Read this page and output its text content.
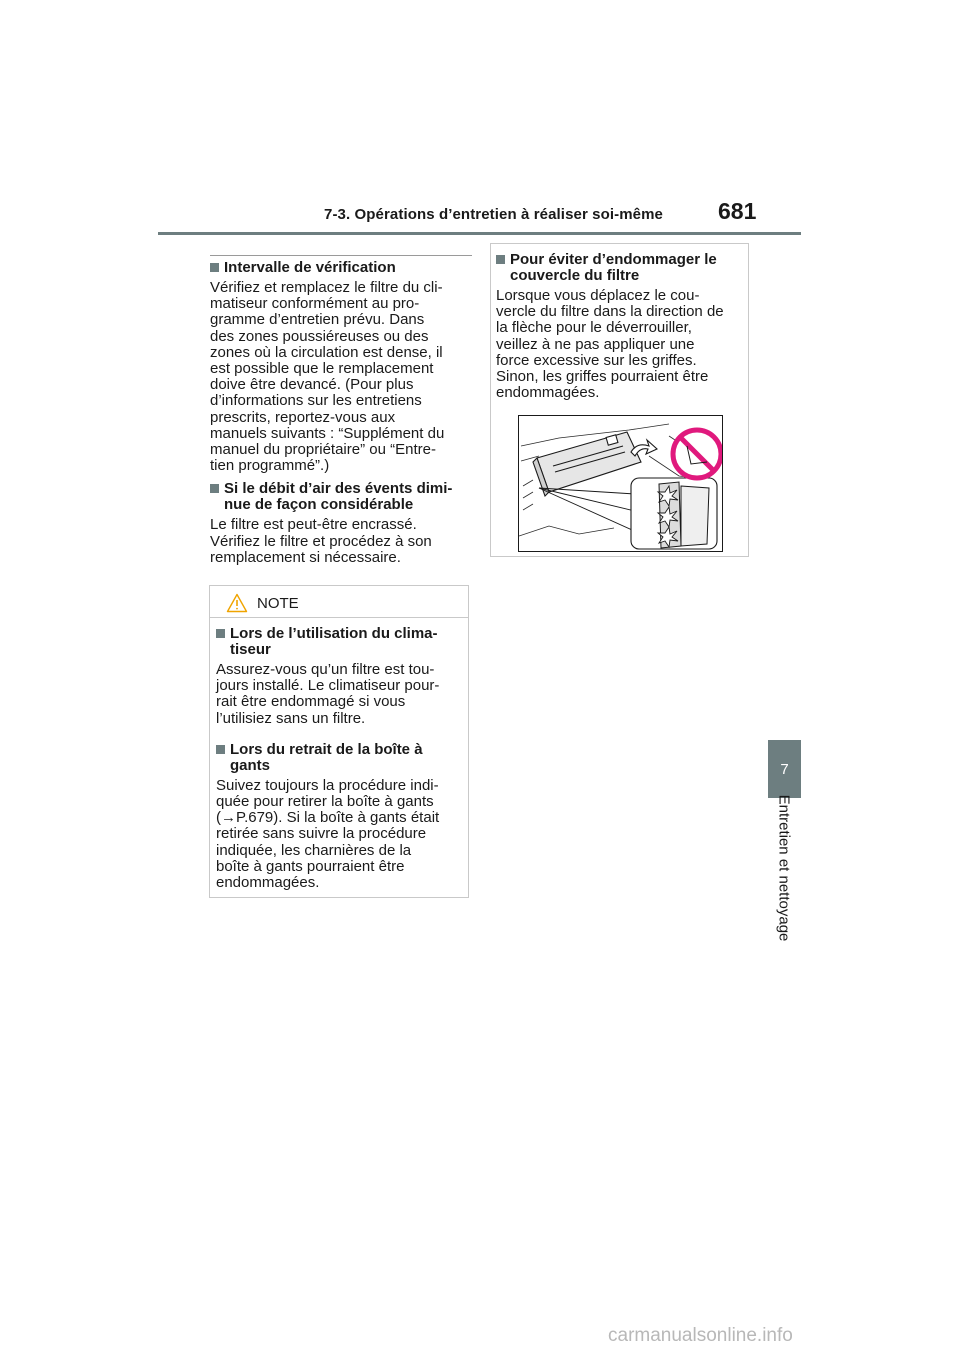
7-3. Opérations d’entretien à réaliser soi-même 681
7
Entretien et nettoyage

Intervalle de vérification

Vérifiez et remplacez le filtre du cli-
matiseur conformément au pro-
gramme d’entretien prévu. Dans
des zones poussiéreuses ou des
zones où la circulation est dense, il
est possible que le remplacement
doive être devancé. (Pour plus
d’informations sur les entretiens
prescrits, reportez-vous aux
manuels suivants : “Supplément du
manuel du propriétaire” ou “Entre-
tien programmé”.)

Si le débit d’air des évents dimi-nue de façon considérable

Le filtre est peut-être encrassé.
Vérifiez le filtre et procédez à son
remplacement si nécessaire.
NOTE

Lors de l’utilisation du clima-tiseur

Assurez-vous qu’un filtre est tou-
jours installé. Le climatiseur pour-
rait être endommagé si vous
l’utilisiez sans un filtre.

Lors du retrait de la boîte à gants

Suivez toujours la procédure indi-
quée pour retirer la boîte à gants
(→P.679). Si la boîte à gants était
retirée sans suivre la procédure
indiquée, les charnières de la
boîte à gants pourraient être
endommagées.

Pour éviter d’endommager le couvercle du filtre

Lorsque vous déplacez le cou-
vercle du filtre dans la direction de
la flèche pour le déverrouiller,
veillez à ne pas appliquer une
force excessive sur les griffes.
Sinon, les griffes pourraient être
endommagées.
carmanualsonline.info
